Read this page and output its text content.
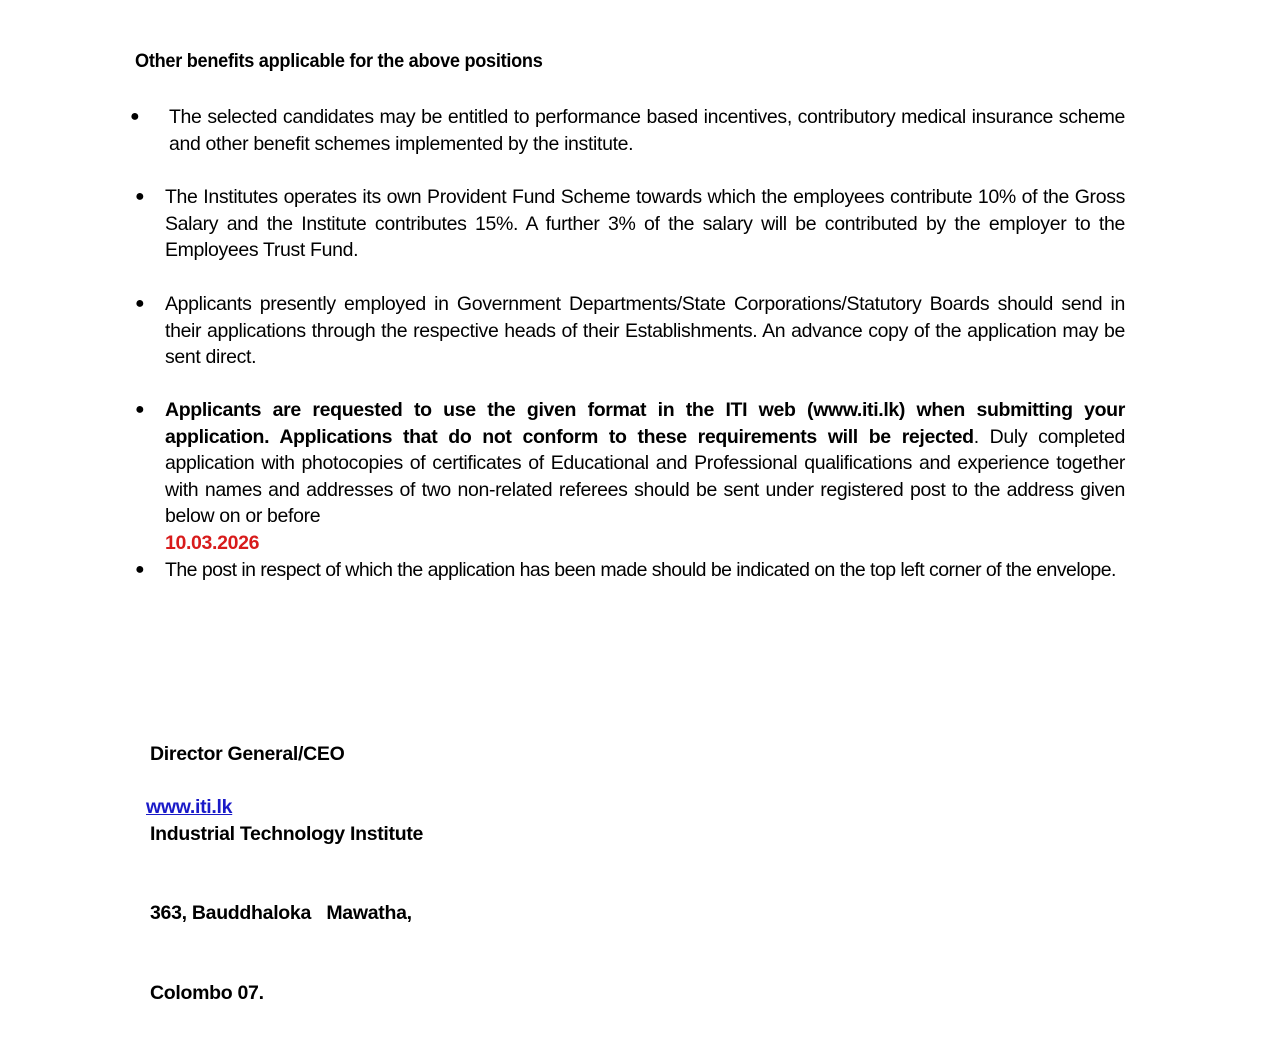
Other benefits applicable for the above positions
●	The selected candidates may be entitled to performance based incentives, contributory medical insurance scheme and other benefit schemes implemented by the institute.
●	The Institutes operates its own Provident Fund Scheme towards which the employees contribute 10% of the Gross Salary and the Institute contributes 15%. A further 3% of the salary will be contributed by the employer to the Employees Trust Fund.
●	Applicants presently employed in Government Departments/State Corporations/Statutory Boards should send in their applications through the respective heads of their Establishments. An advance copy of the application may be sent direct.
●	Applicants are requested to use the given format in the ITI web (www.iti.lk) when submitting your application. Applications that do not conform to these requirements will be rejected. Duly completed application with photocopies of certificates of Educational and Professional qualifications and experience together with names and addresses of two non-related referees should be sent under registered post to the address given below on or before
10.03.2026
●	The post in respect of which the application has been made should be indicated on the top left corner of the envelope.

Director General/CEO

Industrial Technology Institute

363, Bauddhaloka   Mawatha,

Colombo 07.

www.iti.lk
